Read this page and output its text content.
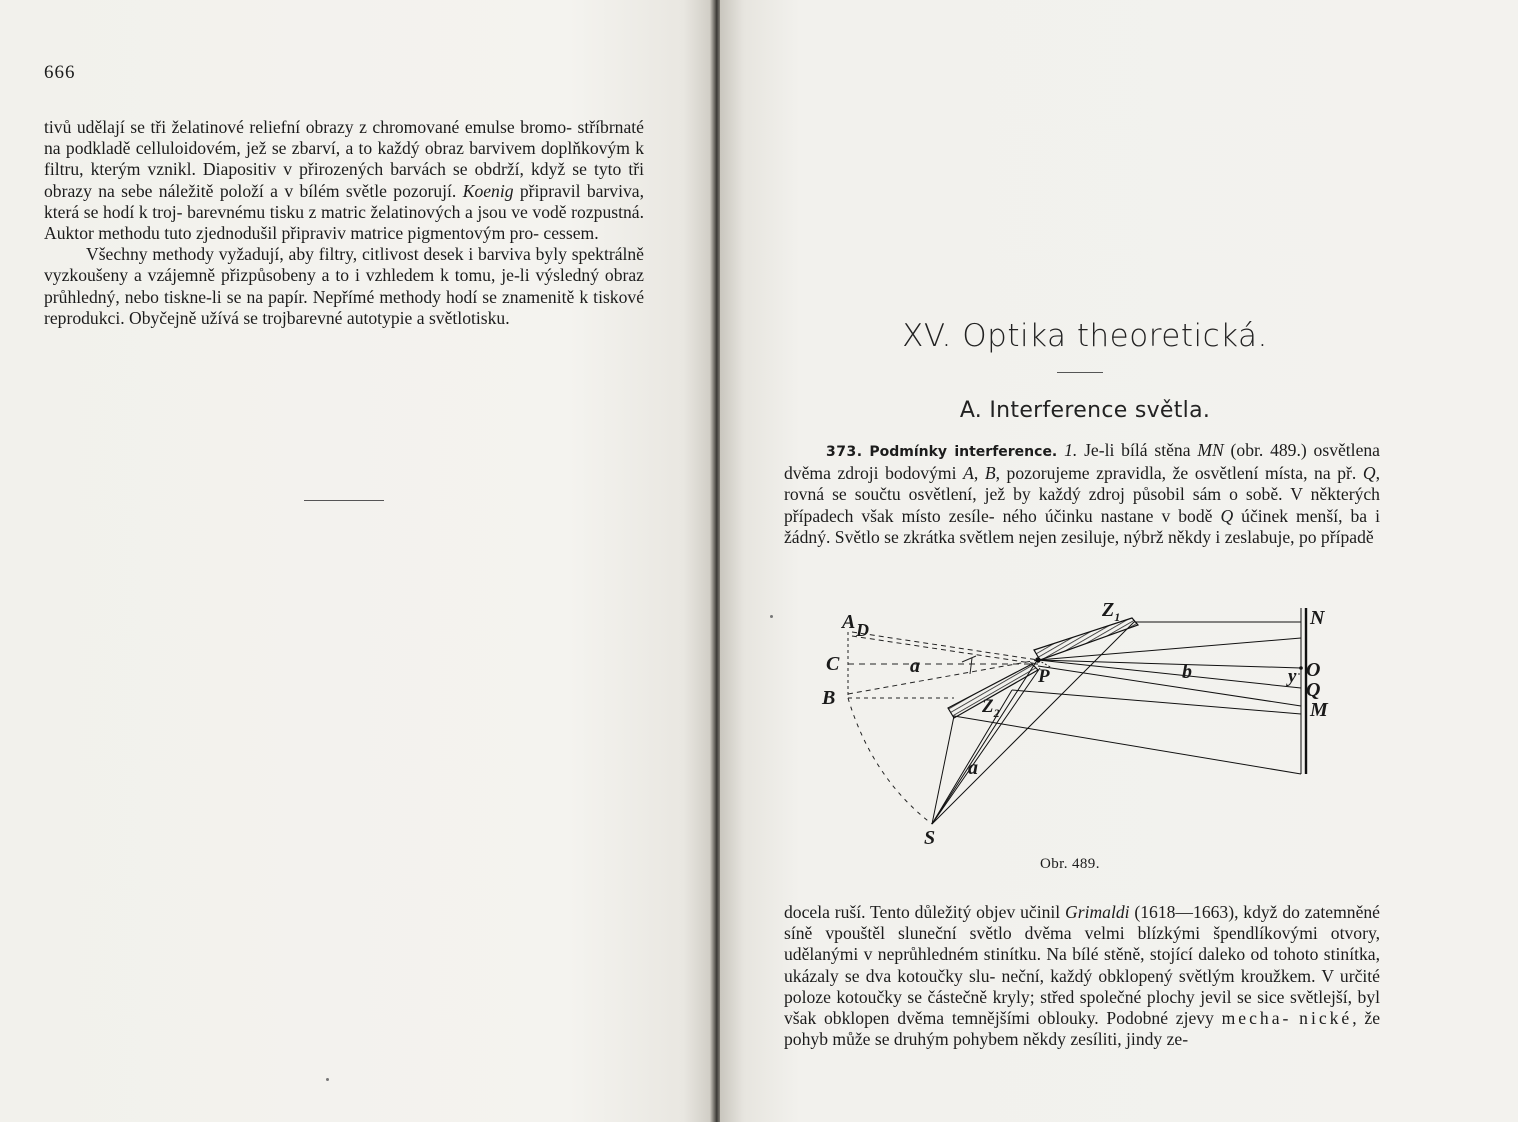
666

tivů udělají se tři želatinové reliefní obrazy z chromované emulse bromo- stříbrnaté na podkladě celluloidovém, jež se zbarví, a to každý obraz barvivem doplňkovým k filtru, kterým vznikl. Diapositiv v přirozených barvách se obdrží, když se tyto tři obrazy na sebe náležitě položí a v bílém světle pozorují. Koenig připravil barviva, která se hodí k troj- barevnému tisku z matric želatinových a jsou ve vodě rozpustná. Auktor methodu tuto zjednodušil připraviv matrice pigmentovým pro- cessem.

Všechny methody vyžadují, aby filtry, citlivost desek i barviva byly spektrálně vyzkoušeny a vzájemně přizpůsobeny a to i vzhledem k tomu, je-li výsledný obraz průhledný, nebo tiskne-li se na papír. Nepřímé methody hodí se znamenitě k tiskové reprodukci. Obyčejně užívá se trojbarevné autotypie a světlotisku.

XV. Optika theoretická.
A. Interference světla.

373. Podmínky interference. 1. Je-li bílá stěna MN (obr. 489.) osvětlena dvěma zdroji bodovými A, B, pozorujeme zpravidla, že osvětlení místa, na př. Q, rovná se součtu osvětlení, jež by každý zdroj působil sám o sobě. V některých případech však místo zesíle- ného účinku nastane v bodě Q účinek menší, ba i žádný. Světlo se zkrátka světlem nejen zesiluje, nýbrž někdy i zeslabuje, po případě

A D
C
B
a
$Z_1$
$Z_2$
P	b	y
N
O
Q
M
a
S
Obr. 489.

docela ruší. Tento důležitý objev učinil Grimaldi (1618—1663), když do zatemněné síně vpouštěl sluneční světlo dvěma velmi blízkými špendlíkovými otvory, udělanými v neprůhledném stinítku. Na bílé stěně, stojící daleko od tohoto stinítka, ukázaly se dva kotoučky slu- neční, každý obklopený světlým kroužkem. V určité poloze kotoučky se částečně kryly; střed společné plochy jevil se sice světlejší, byl však obklopen dvěma temnějšími oblouky. Podobné zjevy mecha- nické, že pohyb může se druhým pohybem někdy zesíliti, jindy ze-
